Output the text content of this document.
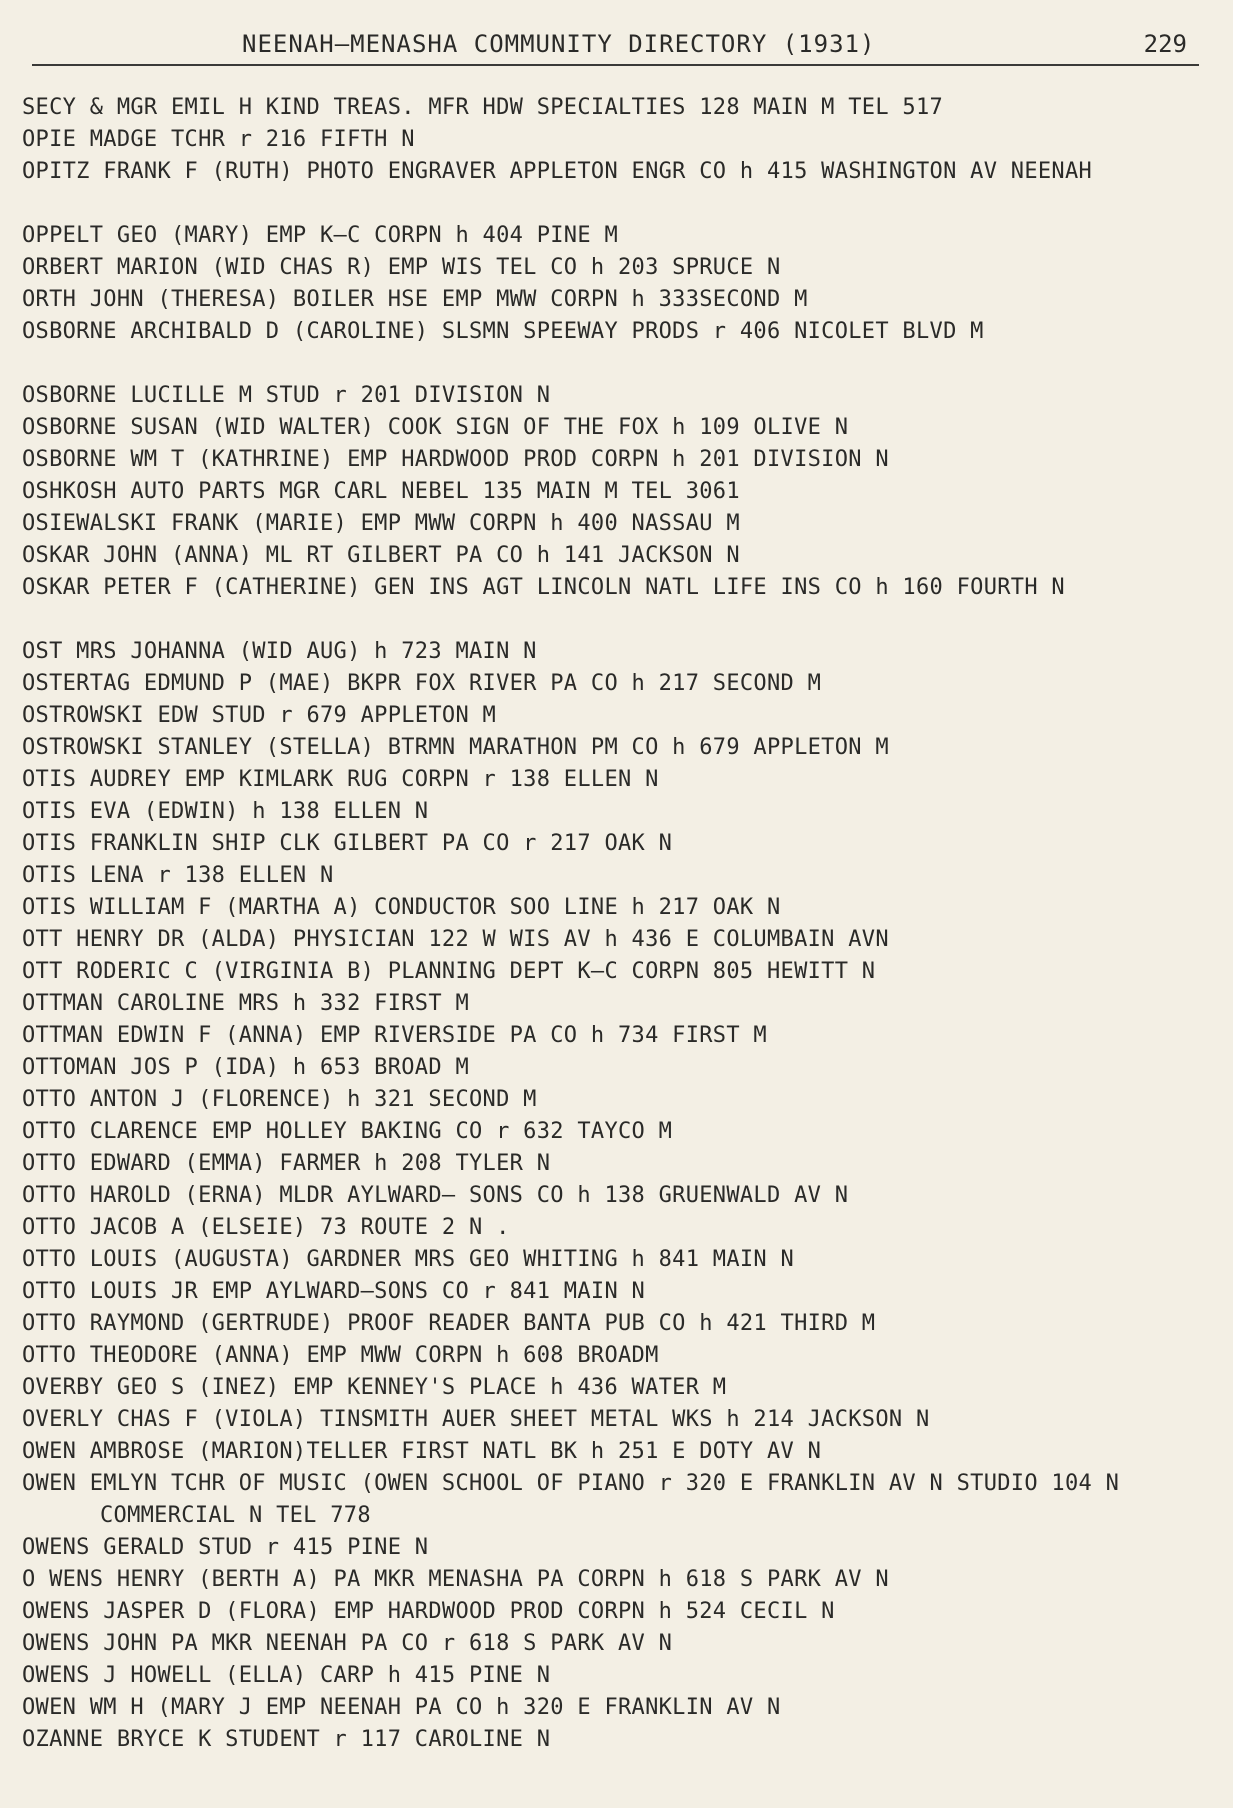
NEENAH—MENASHA COMMUNITY DIRECTORY (1931)	229
SECY & MGR EMIL H KIND TREAS. MFR HDW SPECIALTIES 128 MAIN M TEL 517
OPIE MADGE TCHR r 216 FIFTH N
OPITZ FRANK F (RUTH) PHOTO ENGRAVER APPLETON ENGR CO h 415 WASHINGTON AV NEENAH
OPPELT GEO (MARY) EMP K—C CORPN h 404 PINE M
ORBERT MARION (WID CHAS R) EMP WIS TEL CO h 203 SPRUCE N
ORTH JOHN (THERESA) BOILER HSE EMP MWW CORPN h 333SECOND M
OSBORNE ARCHIBALD D (CAROLINE) SLSMN SPEEWAY PRODS r 406 NICOLET BLVD M
OSBORNE LUCILLE M STUD r 201 DIVISION N
OSBORNE SUSAN (WID WALTER) COOK SIGN OF THE FOX h 109 OLIVE N
OSBORNE WM T (KATHRINE) EMP HARDWOOD PROD CORPN h 201 DIVISION N
OSHKOSH AUTO PARTS MGR CARL NEBEL 135 MAIN M TEL 3061
OSIEWALSKI FRANK (MARIE) EMP MWW CORPN h 400 NASSAU M
OSKAR JOHN (ANNA) ML RT GILBERT PA CO h 141 JACKSON N
OSKAR PETER F (CATHERINE) GEN INS AGT LINCOLN NATL LIFE INS CO h 160 FOURTH N
OST MRS JOHANNA (WID AUG) h 723 MAIN N
OSTERTAG EDMUND P (MAE) BKPR FOX RIVER PA CO h 217 SECOND M
OSTROWSKI EDW STUD r 679 APPLETON M
OSTROWSKI STANLEY (STELLA) BTRMN MARATHON PM CO h 679 APPLETON M
OTIS AUDREY EMP KIMLARK RUG CORPN r 138 ELLEN N
OTIS EVA (EDWIN) h 138 ELLEN N
OTIS FRANKLIN SHIP CLK GILBERT PA CO r 217 OAK N
OTIS LENA r 138 ELLEN N
OTIS WILLIAM F (MARTHA A) CONDUCTOR SOO LINE h 217 OAK N
OTT HENRY DR (ALDA) PHYSICIAN 122 W WIS AV h 436 E COLUMBAIN AVN
OTT RODERIC C (VIRGINIA B) PLANNING DEPT K—C CORPN 805 HEWITT N
OTTMAN CAROLINE MRS h 332 FIRST M
OTTMAN EDWIN F (ANNA) EMP RIVERSIDE PA CO h 734 FIRST M
OTTOMAN JOS P (IDA) h 653 BROAD M
OTTO ANTON J (FLORENCE) h 321 SECOND M
OTTO CLARENCE EMP HOLLEY BAKING CO r 632 TAYCO M
OTTO EDWARD (EMMA) FARMER h 208 TYLER N
OTTO HAROLD (ERNA) MLDR AYLWARD— SONS CO h 138 GRUENWALD AV N
OTTO JACOB A (ELSEIE) 73 ROUTE 2 N .
OTTO LOUIS (AUGUSTA) GARDNER MRS GEO WHITING h 841 MAIN N
OTTO LOUIS JR EMP AYLWARD—SONS CO r 841 MAIN N
OTTO RAYMOND (GERTRUDE) PROOF READER BANTA PUB CO h 421 THIRD M
OTTO THEODORE (ANNA) EMP MWW CORPN h 608 BROADM
OVERBY GEO S (INEZ) EMP KENNEY'S PLACE h 436 WATER M
OVERLY CHAS F (VIOLA) TINSMITH AUER SHEET METAL WKS h 214 JACKSON N
OWEN AMBROSE (MARION)TELLER FIRST NATL BK h 251 E DOTY AV N
OWEN EMLYN TCHR OF MUSIC (OWEN SCHOOL OF PIANO r 320 E FRANKLIN AV N STUDIO 104 N COMMERCIAL N TEL 778
OWENS GERALD STUD r 415 PINE N
O WENS HENRY (BERTH A) PA MKR MENASHA PA CORPN h 618 S PARK AV N
OWENS JASPER D (FLORA) EMP HARDWOOD PROD CORPN h 524 CECIL N
OWENS JOHN PA MKR NEENAH PA CO r 618 S PARK AV N
OWENS J HOWELL (ELLA) CARP h 415 PINE N
OWEN WM H (MARY J EMP NEENAH PA CO h 320 E FRANKLIN AV N
OZANNE BRYCE K STUDENT r 117 CAROLINE N
